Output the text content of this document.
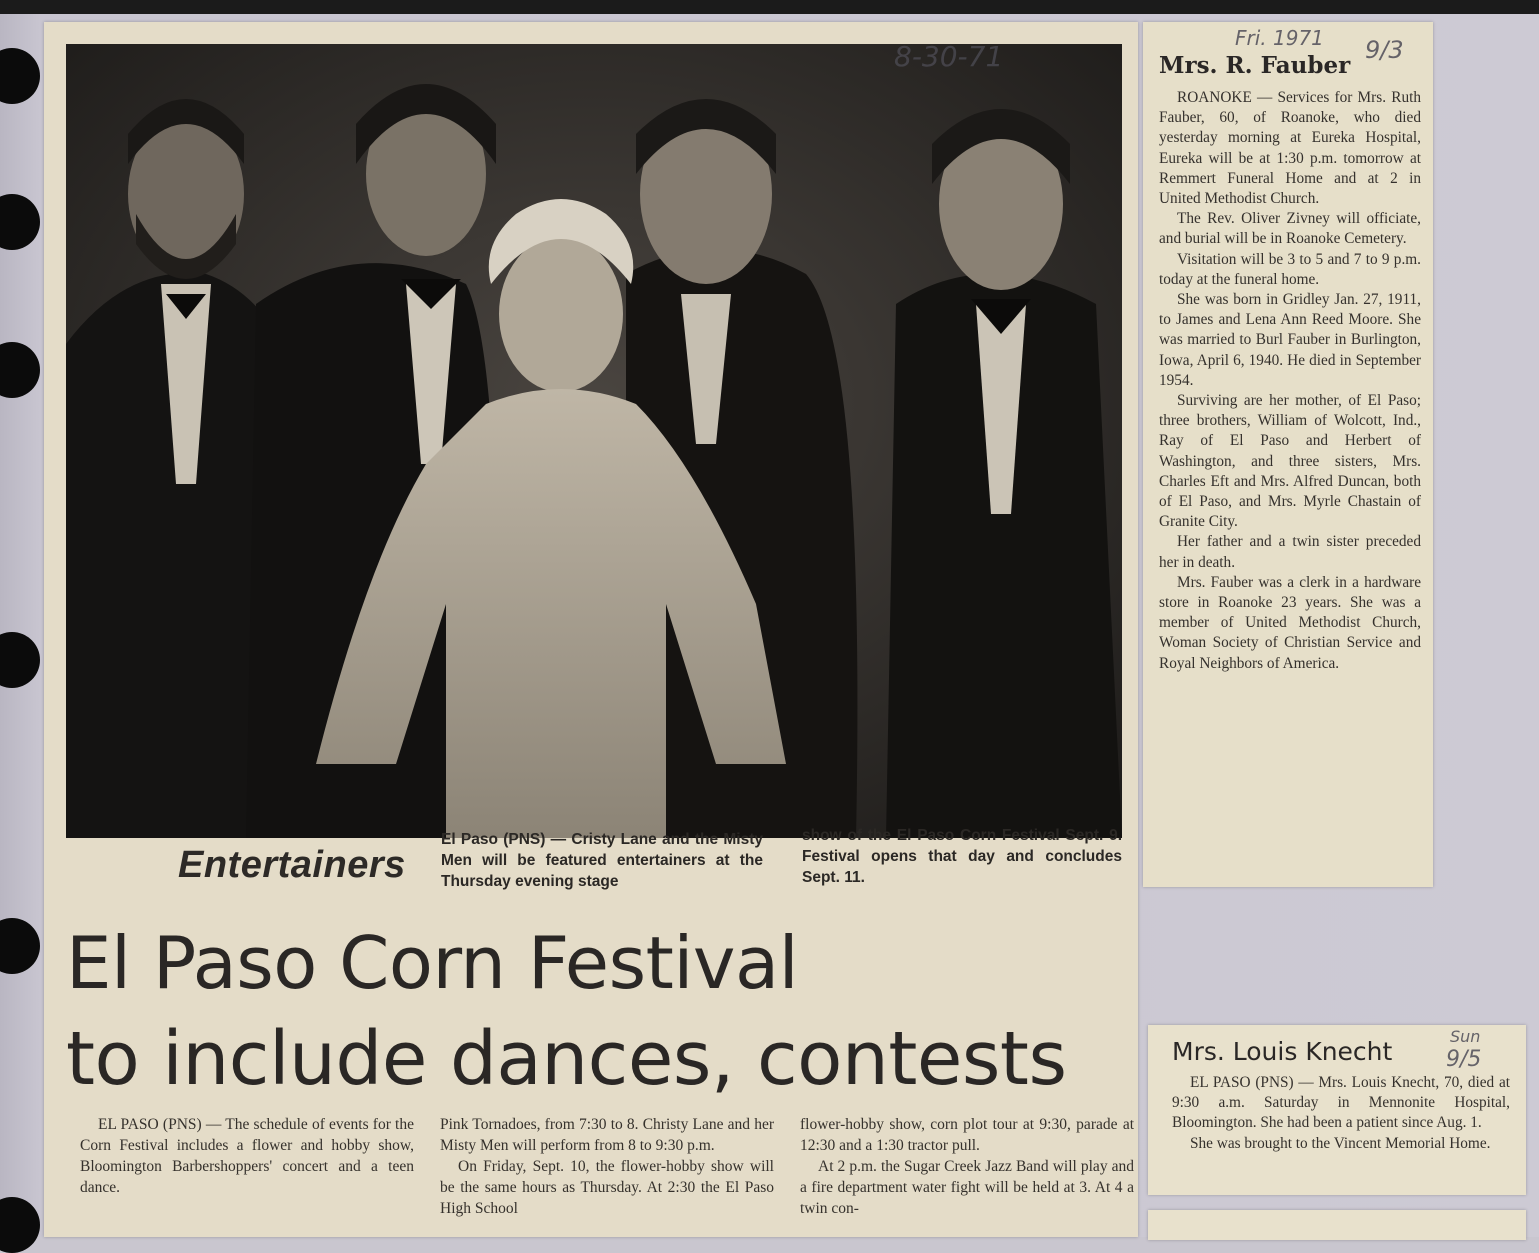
8-30-71
Entertainers
El Paso (PNS) — Cristy Lane and the Misty Men will be featured entertainers at the Thursday evening stage
show of the El Paso Corn Festival Sept. 9. Festival opens that day and concludes Sept. 11.
El Paso Corn Festival
to include dances, contests
EL PASO (PNS) — The schedule of events for the Corn Festival includes a flower and hobby show, Bloomington Barbershoppers' concert and a teen dance.
Pink Tornadoes, from 7:30 to 8. Christy Lane and her Misty Men will perform from 8 to 9:30 p.m.
On Friday, Sept. 10, the flower-hobby show will be the same hours as Thursday. At 2:30 the El Paso High School
flower-hobby show, corn plot tour at 9:30, parade at 12:30 and a 1:30 tractor pull.
At 2 p.m. the Sugar Creek Jazz Band will play and a fire department water fight will be held at 3. At 4 a twin con-
Fri. 1971 9/3
Mrs. R. Fauber
ROANOKE — Services for Mrs. Ruth Fauber, 60, of Roanoke, who died yesterday morning at Eureka Hospital, Eureka will be at 1:30 p.m. tomorrow at Remmert Funeral Home and at 2 in United Methodist Church.
The Rev. Oliver Zivney will officiate, and burial will be in Roanoke Cemetery.
Visitation will be 3 to 5 and 7 to 9 p.m. today at the funeral home.
She was born in Gridley Jan. 27, 1911, to James and Lena Ann Reed Moore. She was married to Burl Fauber in Burlington, Iowa, April 6, 1940. He died in September 1954.
Surviving are her mother, of El Paso; three brothers, William of Wolcott, Ind., Ray of El Paso and Herbert of Washington, and three sisters, Mrs. Charles Eft and Mrs. Alfred Duncan, both of El Paso, and Mrs. Myrle Chastain of Granite City.
Her father and a twin sister preceded her in death.
Mrs. Fauber was a clerk in a hardware store in Roanoke 23 years. She was a member of United Methodist Church, Woman Society of Christian Service and Royal Neighbors of America.
Mrs. Louis Knecht
Sun
9/5
EL PASO (PNS) — Mrs. Louis Knecht, 70, died at 9:30 a.m. Saturday in Mennonite Hospital, Bloomington. She had been a patient since Aug. 1.
She was brought to the Vincent Memorial Home.
